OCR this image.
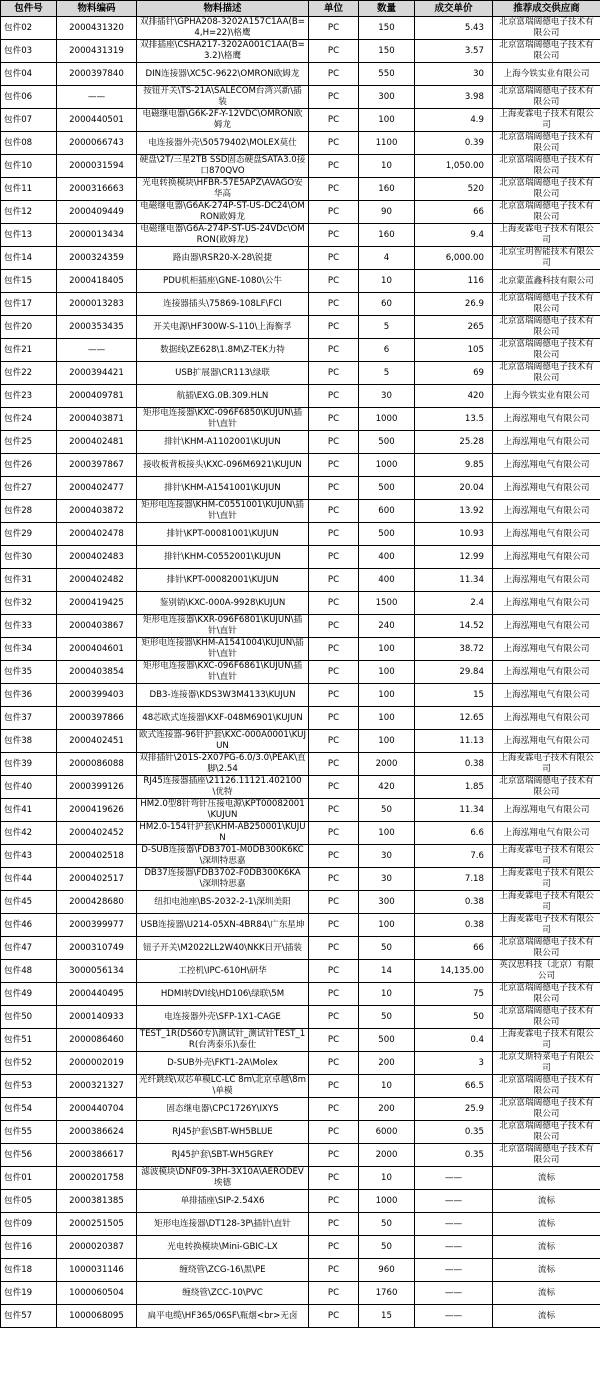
包件号	物料编码	物料描述	单位	数量	成交单价	推荐成交供应商
包件02	2000431320	双排插针\GPHA208-3202A157C1AA(B=4,H=22)\格鹰	PC	150	5.43	北京富瑞阔德电子技术有限公司
包件03	2000431319	双排插座\CSHA217-3202A001C1AA(B=3.2)\格鹰	PC	150	3.57	北京富瑞阔德电子技术有限公司
包件04	2000397840	DIN连接器\XC5C-9622\OMRON欧姆龙	PC	550	30	上海今铁实业有限公司
包件06	——	按钮开关\TS-21A\SALECOM台湾兴新\插装	PC	300	3.98	北京富瑞阔德电子技术有限公司
包件07	2000440501	电磁继电器\G6K-2F-Y-12VDC\OMRON欧姆龙	PC	100	4.9	上海麦霖电子技术有限公司
包件08	2000066743	电连接器外壳\50579402\MOLEX莫仕	PC	1100	0.39	北京富瑞阔德电子技术有限公司
包件10	2000031594	硬盘\2T/三星2TB SSD固态硬盘SATA3.0接口870QVO	PC	10	1,050.00	北京富瑞阔德电子技术有限公司
包件11	2000316663	光电转换模块\HFBR-57E5APZ\AVAGO安华高	PC	160	520	北京富瑞阔德电子技术有限公司
包件12	2000409449	电磁继电器\G6AK-274P-ST-US-DC24\OMRON欧姆龙	PC	90	66	北京富瑞阔德电子技术有限公司
包件13	2000013434	电磁继电器\G6A-274P-ST-US-24VDc\OMRON(欧姆龙)	PC	160	9.4	上海麦霖电子技术有限公司
包件14	2000324359	路由器\RSR20-X-28\锐捷	PC	4	6,000.00	北京宝玥智能技术有限公司
包件15	2000418405	PDU机柜插座\GNE-1080\公牛	PC	10	116	北京蒙蓝鑫科技有限公司
包件17	2000013283	连接器插头\75869-108LF\FCI	PC	60	26.9	北京富瑞阔德电子技术有限公司
包件20	2000353435	开关电源\HF300W-S-110\上海衡孚	PC	5	265	北京富瑞阔德电子技术有限公司
包件21	——	数据线\ZE628\1.8M\Z-TEK力特	PC	6	105	北京富瑞阔德电子技术有限公司
包件22	2000394421	USB扩展器\CR113\绿联	PC	5	69	北京富瑞阔德电子技术有限公司
包件23	2000409781	航插\EXG.0B.309.HLN	PC	30	420	上海今铁实业有限公司
包件24	2000403871	矩形电连接器\KXC-096F6850\KUJUN\插针\直针	PC	1000	13.5	上海泓翔电气有限公司
包件25	2000402481	排针\KHM-A1102001\KUJUN	PC	500	25.28	上海泓翔电气有限公司
包件26	2000397867	接收板背板接头\KXC-096M6921\KUJUN	PC	1000	9.85	上海泓翔电气有限公司
包件27	2000402477	排针\KHM-A1541001\KUJUN	PC	500	20.04	上海泓翔电气有限公司
包件28	2000403872	矩形电连接器\KHM-C0551001\KUJUN\插针\直针	PC	600	13.92	上海泓翔电气有限公司
包件29	2000402478	排针\KPT-00081001\KUJUN	PC	500	10.93	上海泓翔电气有限公司
包件30	2000402483	排针\KHM-C0552001\KUJUN	PC	400	12.99	上海泓翔电气有限公司
包件31	2000402482	排针\KPT-00082001\KUJUN	PC	400	11.34	上海泓翔电气有限公司
包件32	2000419425	鉴别销\KXC-000A-9928\KUJUN	PC	1500	2.4	上海泓翔电气有限公司
包件33	2000403867	矩形电连接器\KXR-096F6801\KUJUN\插针\直针	PC	240	14.52	上海泓翔电气有限公司
包件34	2000404601	矩形电连接器\KHM-A1541004\KUJUN\插针\直针	PC	100	38.72	上海泓翔电气有限公司
包件35	2000403854	矩形电连接器\KXC-096F6861\KUJUN\插针\直针	PC	100	29.84	上海泓翔电气有限公司
包件36	2000399403	DB3-连接器\KDS3W3M4133\KUJUN	PC	100	15	上海泓翔电气有限公司
包件37	2000397866	48芯欧式连接器\KXF-048M6901\KUJUN	PC	100	12.65	上海泓翔电气有限公司
包件38	2000402451	欧式连接器-96针护套\KXC-000A0001\KUJUN	PC	100	11.13	上海泓翔电气有限公司
包件39	2000086088	双排插针\201S-2X07PG-6.0/3.0\PEAK\直脚\2.54	PC	2000	0.38	上海麦霖电子技术有限公司
包件40	2000399126	RJ45连接器插座\21126.11121.402100\优特	PC	420	1.85	北京富瑞阔德电子技术有限公司
包件41	2000419626	HM2.0型8针弯针压接电源\KPT00082001\KUJUN	PC	50	11.34	上海泓翔电气有限公司
包件42	2000402452	HM2.0-154针护套\KHM-AB250001\KUJUN	PC	100	6.6	上海泓翔电气有限公司
包件43	2000402518	D-SUB连接器\FDB3701-M0DB300K6KC\深圳特思嘉	PC	30	7.6	上海麦霖电子技术有限公司
包件44	2000402517	DB37连接器\FDB3702-F0DB300K6KA\深圳特思嘉	PC	30	7.18	上海麦霖电子技术有限公司
包件45	2000428680	纽扣电池座\BS-2032-2-1\深圳美阳	PC	300	0.38	上海麦霖电子技术有限公司
包件46	2000399977	USB连接器\U214-05XN-4BR84\广东星坤	PC	100	0.38	上海麦霖电子技术有限公司
包件47	2000310749	钮子开关\M2022LL2W40\NKK日开\插装	PC	50	66	北京富瑞阔德电子技术有限公司
包件48	3000056134	工控机\IPC-610H\研华	PC	14	14,135.00	英汉思科技（北京）有限公司
包件49	2000440495	HDMI转DVI线\HD106\绿联\5M	PC	10	75	北京富瑞阔德电子技术有限公司
包件50	2000140933	电连接器外壳\SFP-1X1-CAGE	PC	50	50	北京富瑞阔德电子技术有限公司
包件51	2000086460	TEST_1R(DS60专)\测试针_测试针TEST_1R(台湾泰乐)\泰仕	PC	500	0.4	上海麦霖电子技术有限公司
包件52	2000002019	D-SUB外壳\FKT1-2A\Molex	PC	200	3	北京艾斯特菜电子有限公司
包件53	2000321327	光纤跳线\双芯单模LC-LC 8m\北京卓越\8m\单模	PC	10	66.5	北京富瑞阔德电子技术有限公司
包件54	2000440704	固态继电器\CPC1726Y\IXYS	PC	200	25.9	北京富瑞阔德电子技术有限公司
包件55	2000386624	RJ45护套\SBT-WH5BLUE	PC	6000	0.35	北京富瑞阔德电子技术有限公司
包件56	2000386617	RJ45护套\SBT-WH5GREY	PC	2000	0.35	北京富瑞阔德电子技术有限公司
包件01	2000201758	滤波模块\DNF09-3PH-3X10A\AERODEV埃德	PC	10	——	流标
包件05	2000381385	单排插座\SIP-2.54X6	PC	1000	——	流标
包件09	2000251505	矩形电连接器\DT128-3P\插针\直针	PC	50	——	流标
包件16	2000020387	光电转换模块\Mini-GBIC-LX	PC	50	——	流标
包件18	1000031146	缠绕管\ZCG-16\黑\PE	PC	960	——	流标
包件19	1000060504	缠绕管\ZCC-10\PVC	PC	1760	——	流标
包件57	1000068095	扁平电缆\HF365/06SF\瓶烟<br>无卤	PC	15	——	流标
